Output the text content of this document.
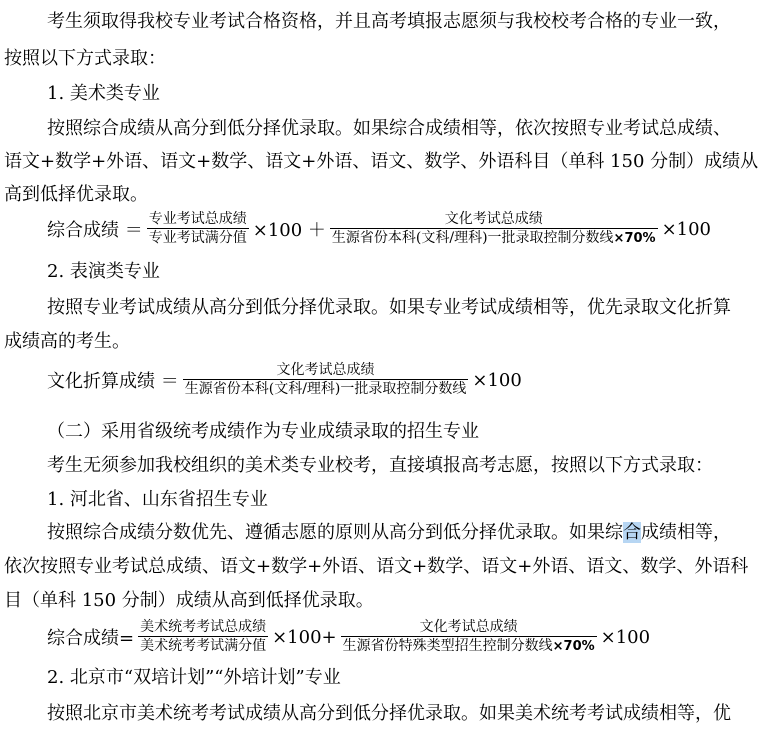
考生须取得我校专业考试合格资格，并且高考填报志愿须与我校校考合格的专业一致，
按照以下方式录取：
1. 美术类专业
按照综合成绩从高分到低分择优录取。如果综合成绩相等，依次按照专业考试总成绩、
语文+数学+外语、语文+数学、语文+外语、语文、数学、外语科目（单科 150 分制）成绩从
高到低择优录取。
综合成绩 ＝ $\frac{\text{专业考试总成绩}}{\text{专业考试满分值}} \times 100 + \frac{\text{文化考试总成绩}}{\text{生源省份本科(文科/理科)一批录取控制分数线×70\%}} \times 100$
2. 表演类专业
按照专业考试成绩从高分到低分择优录取。如果专业考试成绩相等，优先录取文化折算
成绩高的考生。
文化折算成绩 ＝ $\frac{\text{文化考试总成绩}}{\text{生源省份本科(文科/理科)一批录取控制分数线}} \times 100$
（二）采用省级统考成绩作为专业成绩录取的招生专业
考生无须参加我校组织的美术类专业校考，直接填报高考志愿，按照以下方式录取：
1. 河北省、山东省招生专业
按照综合成绩分数优先、遵循志愿的原则从高分到低分择优录取。如果综合成绩相等，
依次按照专业考试总成绩、语文+数学+外语、语文+数学、语文+外语、语文、数学、外语科
目（单科 150 分制）成绩从高到低择优录取。
综合成绩= $\frac{\text{美术统考考试总成绩}}{\text{美术统考考试满分值}} \times 100+ \frac{\text{文化考试总成绩}}{\text{生源省份特殊类型招生控制分数线×70\%}} \times 100$
2. 北京市“双培计划”“外培计划”专业
按照北京市美术统考考试成绩从高分到低分择优录取。如果美术统考考试成绩相等，优
